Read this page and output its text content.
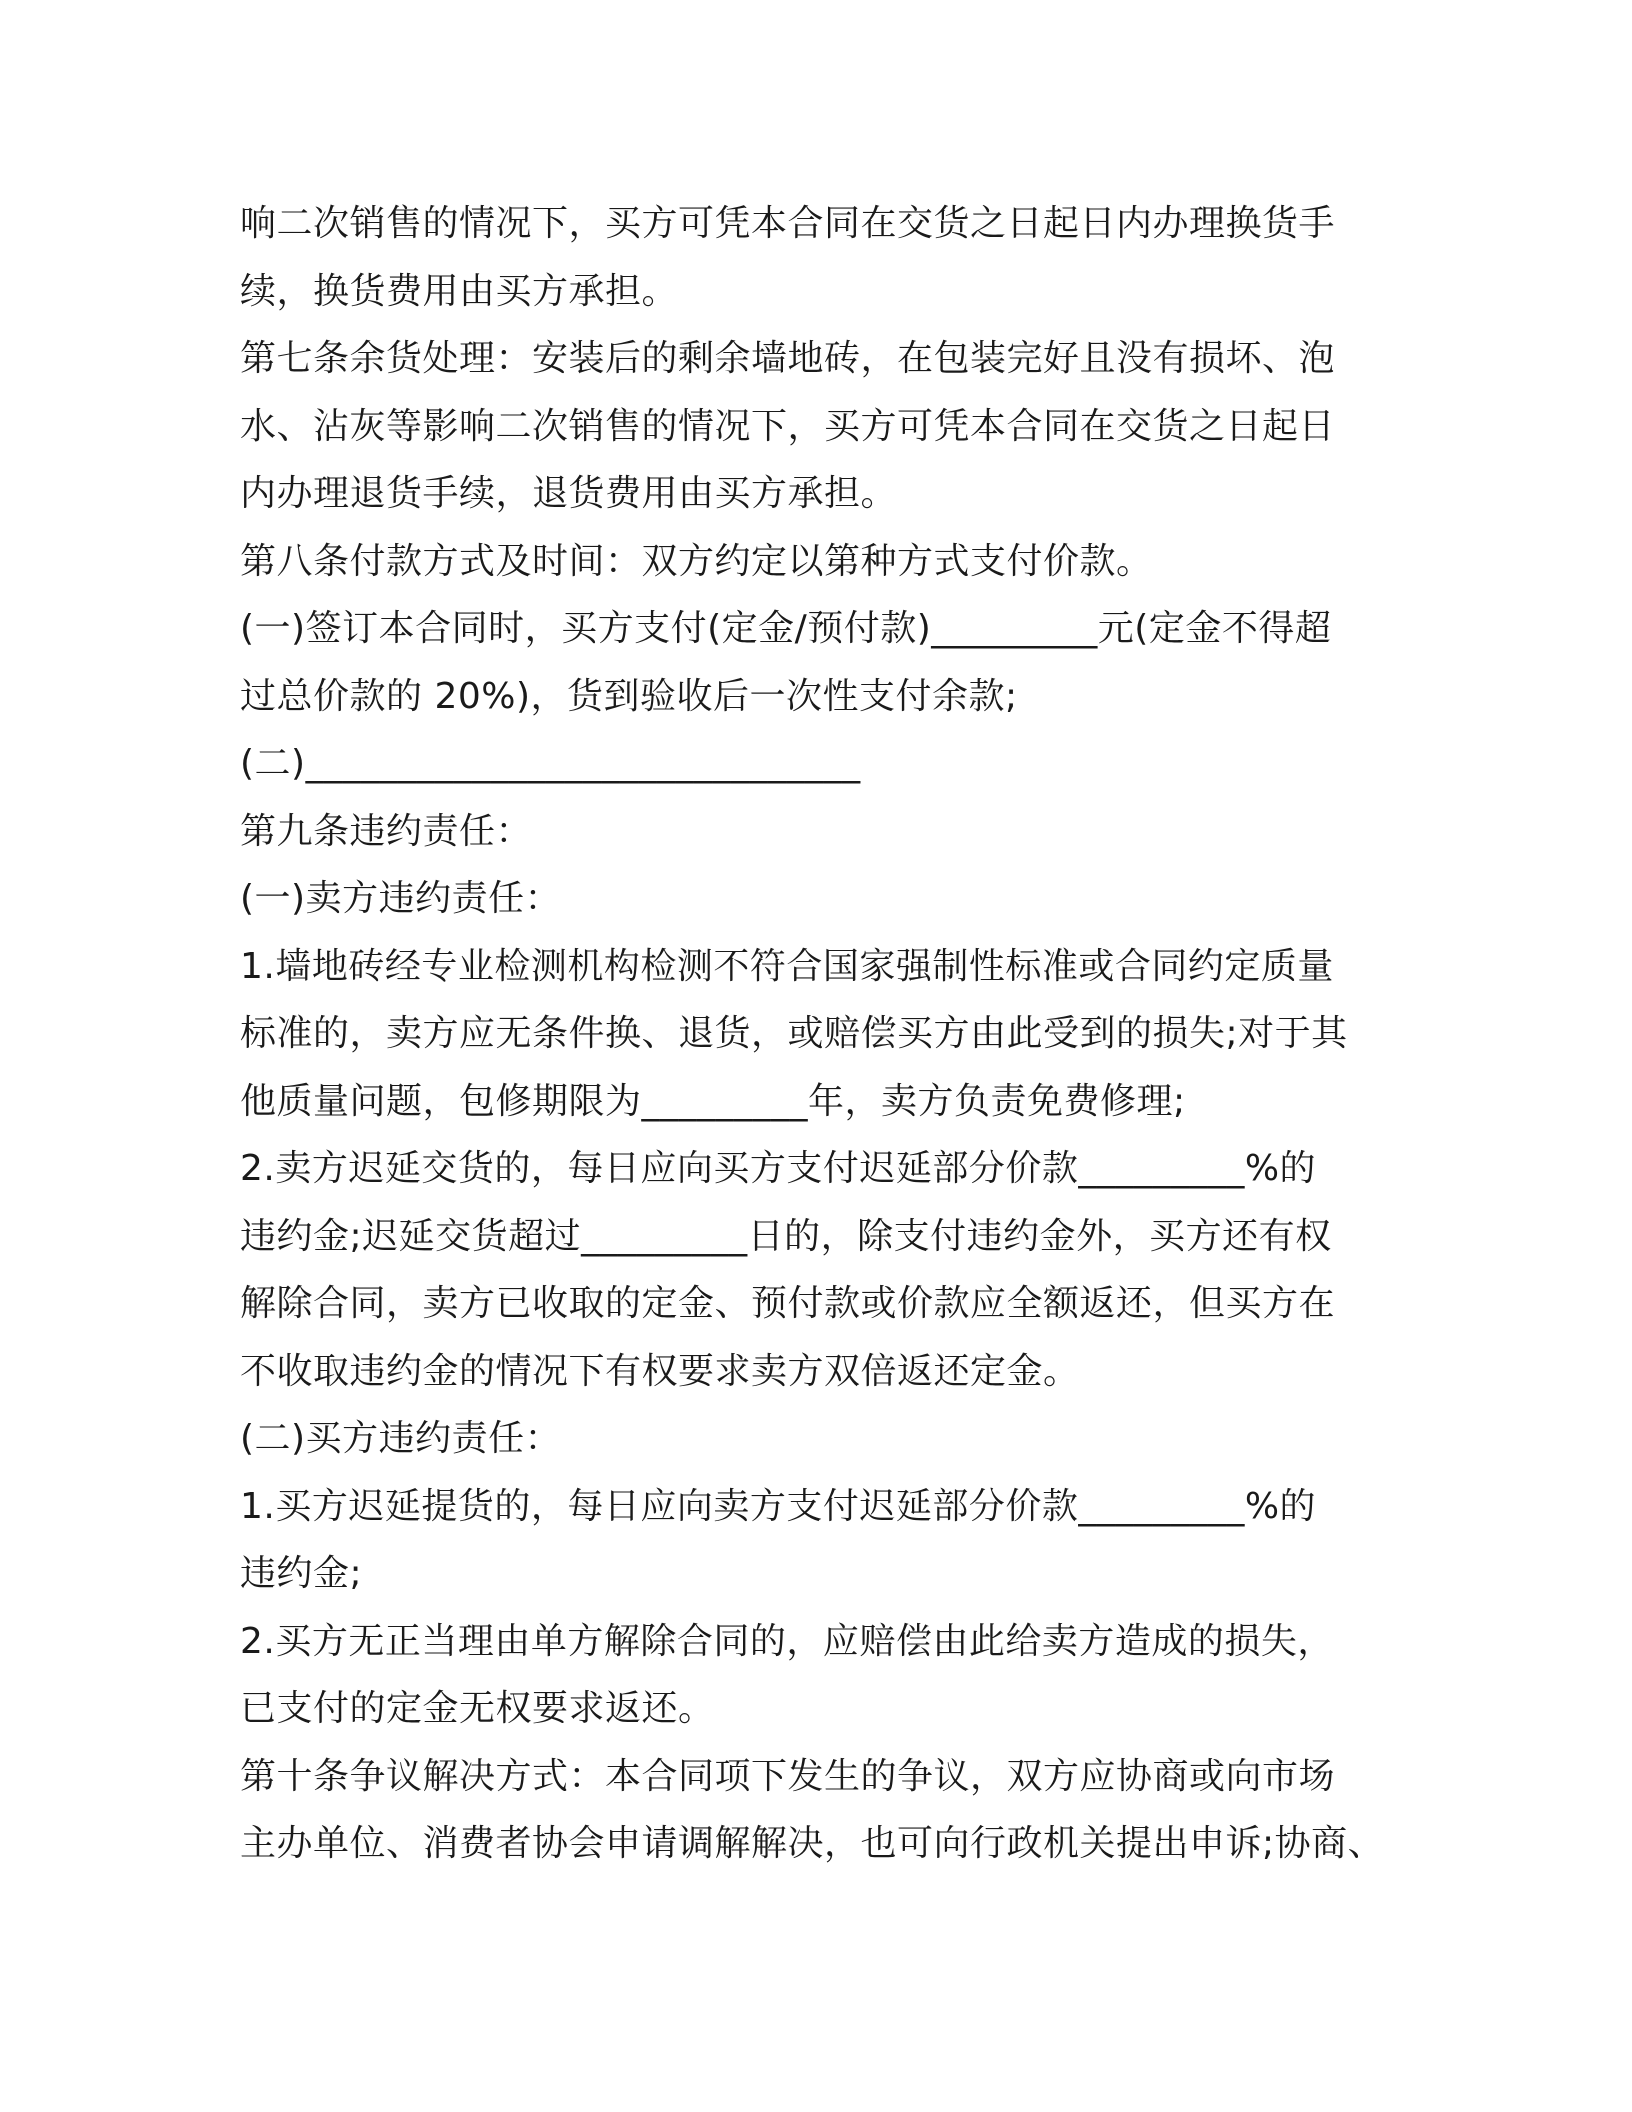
响二次销售的情况下，买方可凭本合同在交货之日起日内办理换货手
续，换货费用由买方承担。
第七条余货处理：安装后的剩余墙地砖，在包装完好且没有损坏、泡
水、沾灰等影响二次销售的情况下，买方可凭本合同在交货之日起日
内办理退货手续，退货费用由买方承担。
第八条付款方式及时间：双方约定以第种方式支付价款。
(一)签订本合同时，买方支付(定金/预付款)_________元(定金不得超
过总价款的 20%)，货到验收后一次性支付余款;
(二)______________________________
第九条违约责任：
(一)卖方违约责任：
1.墙地砖经专业检测机构检测不符合国家强制性标准或合同约定质量
标准的，卖方应无条件换、退货，或赔偿买方由此受到的损失;对于其
他质量问题，包修期限为_________年，卖方负责免费修理;
2.卖方迟延交货的，每日应向买方支付迟延部分价款_________%的
违约金;迟延交货超过_________日的，除支付违约金外，买方还有权
解除合同，卖方已收取的定金、预付款或价款应全额返还，但买方在
不收取违约金的情况下有权要求卖方双倍返还定金。
(二)买方违约责任：
1.买方迟延提货的，每日应向卖方支付迟延部分价款_________%的
违约金;
2.买方无正当理由单方解除合同的，应赔偿由此给卖方造成的损失，
已支付的定金无权要求返还。
第十条争议解决方式：本合同项下发生的争议，双方应协商或向市场
主办单位、消费者协会申请调解解决，也可向行政机关提出申诉;协商、
